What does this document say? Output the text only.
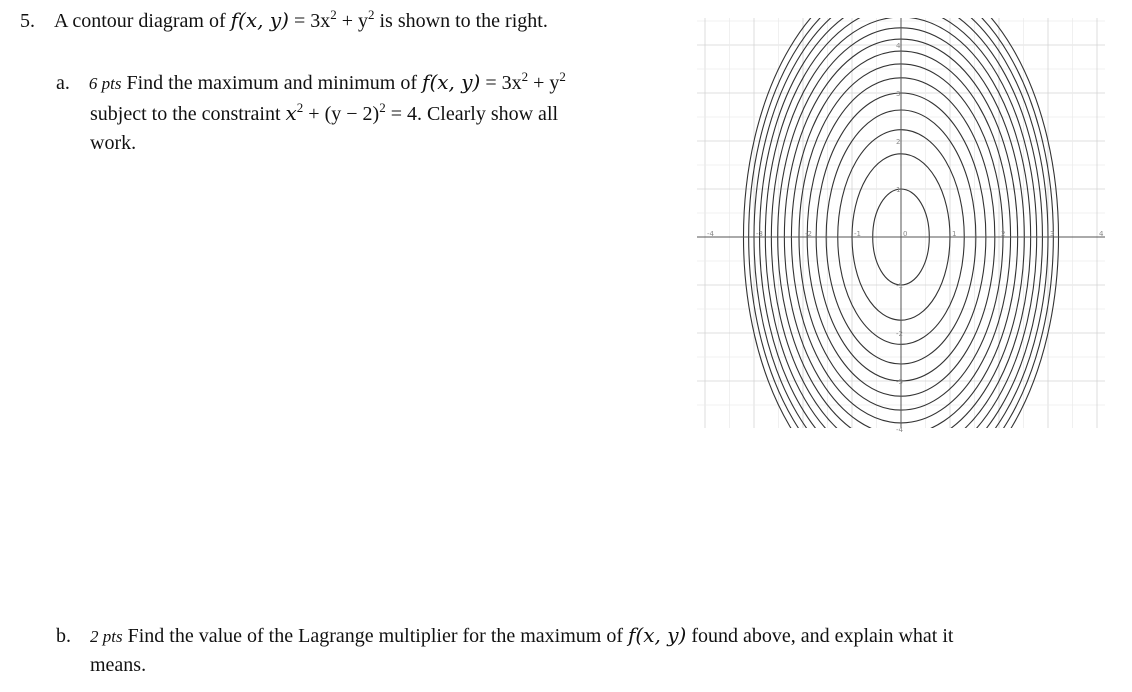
5. A contour diagram of f(x, $y) = 3x^2 + y^2$ is shown to the right.
a. 6 pts Find the maximum and minimum of f(x, $y) = 3x^2 + y^2$
subject to the constraint $x^2 + (y - 2)^2 = 4$. Clearly show all
work.
b. 2 pts Find the value of the Lagrange multiplier for the maximum of f(x, y) found above, and explain what it
means.
-4	-3	-2	-1	0	1	2	3	4
4
3
2
1
-1
-2
-3
-4
